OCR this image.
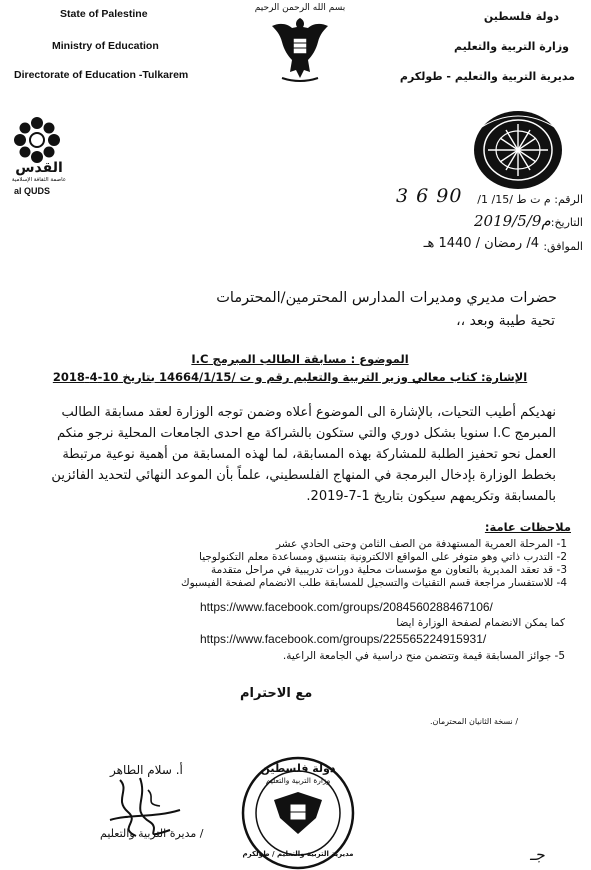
State of Palestine
Ministry of Education
Directorate of Education -Tulkarem
دولة فلسطين
وزارة التربية والتعليم
مديرية التربية والتعليم - طولكرم
بسم الله الرحمن الرحيم
القدس
عاصمة الثقافة الإسلامية
al QUDS
الرقم: م ت ط /15/ 1/
3 6 90
التاريخ:
2019/5/9م
الموافق:
4/ رمضان / 1440 هـ
حضرات مديري ومديرات المدارس المحترمين/المحترمات
تحية طيبة وبعد ،،
الموضوع : مسابقة الطالب المبرمج I.C
الإشارة: كتاب معالي وزير التربية والتعليم رقم و ت /14664/1/15 بتاريخ 10-4-2018
نهديكم أطيب التحيات، بالإشارة الى الموضوع أعلاه وضمن توجه الوزارة لعقد مسابقة الطالب
المبرمج I.C سنويا بشكل دوري والتي ستكون بالشراكة مع احدى الجامعات المحلية نرجو منكم
العمل نحو تحفيز الطلبة للمشاركة بهذه المسابقة، لما لهذه المسابقة من أهمية نوعية مرتبطة
بخطط الوزارة بإدخال البرمجة في المنهاج الفلسطيني، علماً بأن الموعد النهائي لتحديد الفائزين
بالمسابقة وتكريمهم سيكون بتاريخ 1-7-2019.
ملاحظات عامة:
1- المرحلة العمرية المستهدفة من الصف الثامن وحتى الحادي عشر
2- التدرب ذاتي وهو متوفر على المواقع الالكترونية بتنسيق ومساعدة معلم التكنولوجيا
3- قد تعقد المديرية بالتعاون مع مؤسسات محلية دورات تدريبية في مراحل متقدمة
4- للاستفسار مراجعة قسم التقنيات والتسجيل للمسابقة طلب الانضمام لصفحة الفيسبوك
https://www.facebook.com/groups/2084560288467106/
كما يمكن الانضمام لصفحة الوزارة ايضا
https://www.facebook.com/groups/225565224915931/
5- جوائز المسابقة قيمة وتتضمن منح دراسية في الجامعة الراعية.
مع الاحترام
/ نسخة الثانيان المحترمان.
أ. سلام الطاهر
/ مديرة التربية والتعليم
دولة فلسطين
وزارة التربية والتعليم
مديرية التربية والتعليم / طولكرم	جـ
